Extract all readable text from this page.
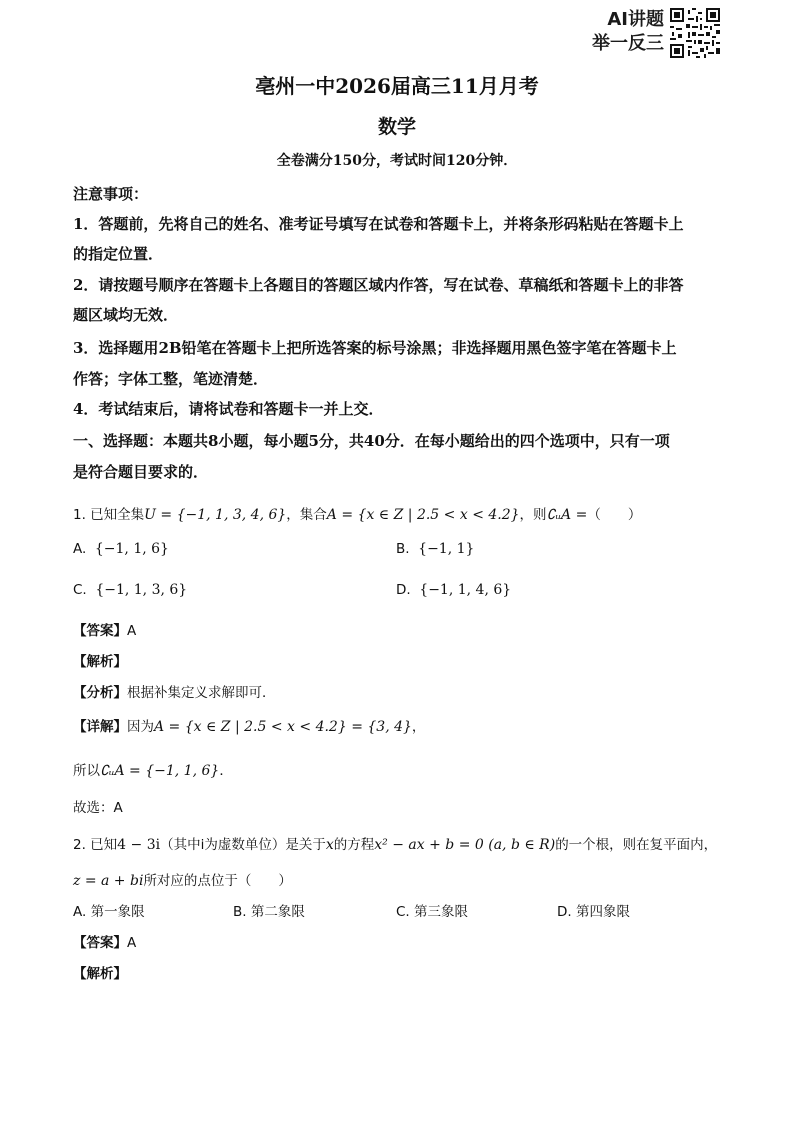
AI讲题
举一反三
亳州一中2026届高三11月月考
数学
全卷满分150分，考试时间120分钟．
注意事项：
1．答题前，先将自己的姓名、准考证号填写在试卷和答题卡上，并将条形码粘贴在答题卡上
的指定位置．
2．请按题号顺序在答题卡上各题目的答题区域内作答，写在试卷、草稿纸和答题卡上的非答
题区域均无效．
3．选择题用2B铅笔在答题卡上把所选答案的标号涂黑；非选择题用黑色签字笔在答题卡上
作答；字体工整，笔迹清楚．
4．考试结束后，请将试卷和答题卡一并上交．
一、选择题：本题共8小题，每小题5分，共40分．在每小题给出的四个选项中，只有一项
是符合题目要求的．
1. 已知全集U = {−1, 1, 3, 4, 6}，集合A = {x ∈ Z | 2.5 < x < 4.2}，则∁ᵤA =（　　）
A. {−1, 1, 6}	B. {−1, 1}
C. {−1, 1, 3, 6}	D. {−1, 1, 4, 6}
【答案】A
【解析】
【分析】根据补集定义求解即可．
【详解】因为A = {x ∈ Z | 2.5 < x < 4.2} = {3, 4}，
所以∁ᵤA = {−1, 1, 6}．
故选：A
2. 已知4 − 3i（其中i为虚数单位）是关于x的方程x² − ax + b = 0 (a, b ∈ R)的一个根，则在复平面内，
z = a + bi所对应的点位于（　　）
A. 第一象限	B. 第二象限	C. 第三象限	D. 第四象限
【答案】A
【解析】
